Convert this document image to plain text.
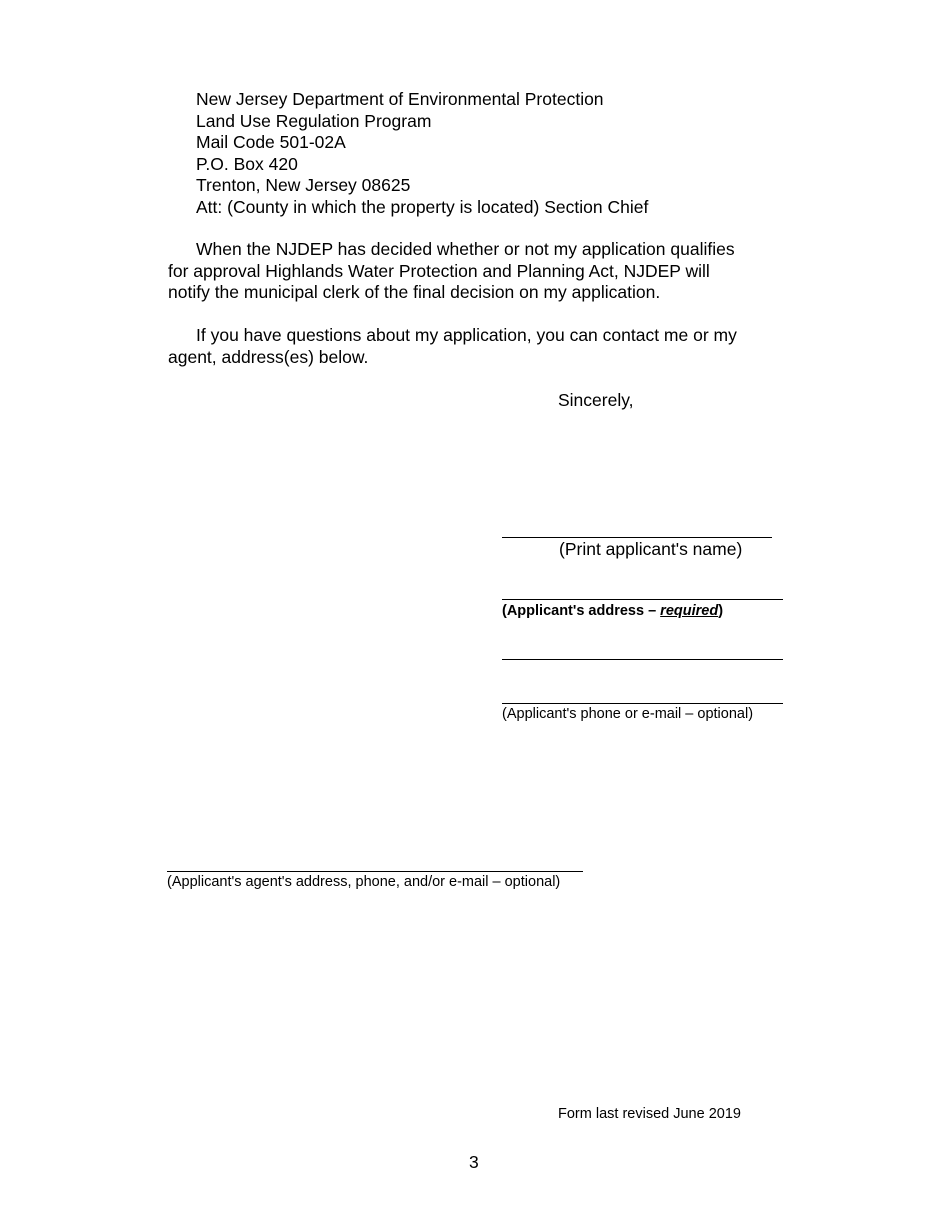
New Jersey Department of Environmental Protection
Land Use Regulation Program
Mail Code 501-02A
P.O. Box 420
Trenton, New Jersey 08625
Att: (County in which the property is located) Section Chief
When the NJDEP has decided whether or not my application qualifies
for approval Highlands Water Protection and Planning Act, NJDEP will
notify the municipal clerk of the final decision on my application.
If you have questions about my application, you can contact me or my
agent, address(es) below.
Sincerely,
(Print applicant's name)
(Applicant's address – required)
(Applicant's phone or e-mail – optional)
(Applicant's agent's address, phone, and/or e-mail – optional)
Form last revised June 2019
3
